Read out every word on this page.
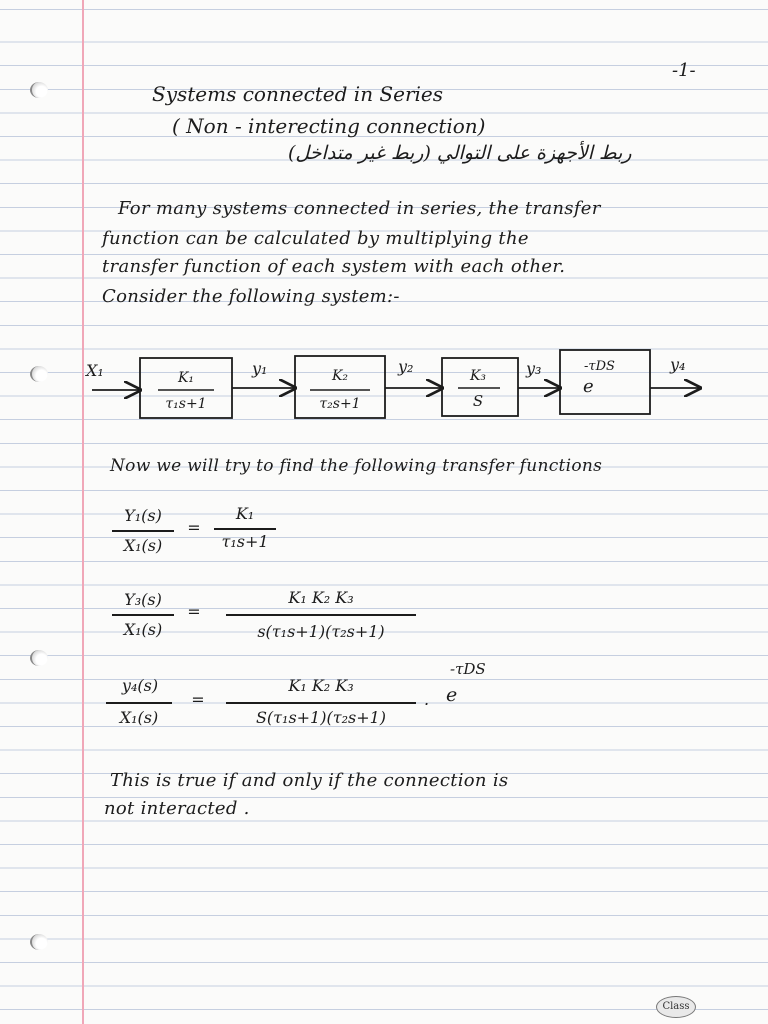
-1-
Systems connected in Series
( Non - interecting connection)
ربط الأجهزة على التوالي (ربط غير متداخل)
For many systems connected in series, the transfer
function can be calculated by multiplying the
transfer function of each system with each other.
Consider the following system:-
X₁	y₁	y₂	y₃	y₄
K₁
τ₁s+1
K₂
τ₂s+1
K₃
S
e
-τDS
Now we will try to find the following transfer functions
Y₁(s)
X₁(s)
=
K₁
τ₁s+1
Y₃(s)
X₁(s)
=
K₁ K₂ K₃
s(τ₁s+1)(τ₂s+1)
y₄(s)
X₁(s)
=
K₁ K₂ K₃
S(τ₁s+1)(τ₂s+1)
. e
-τDS
This is true if and only if the connection is
not interacted .
Class
